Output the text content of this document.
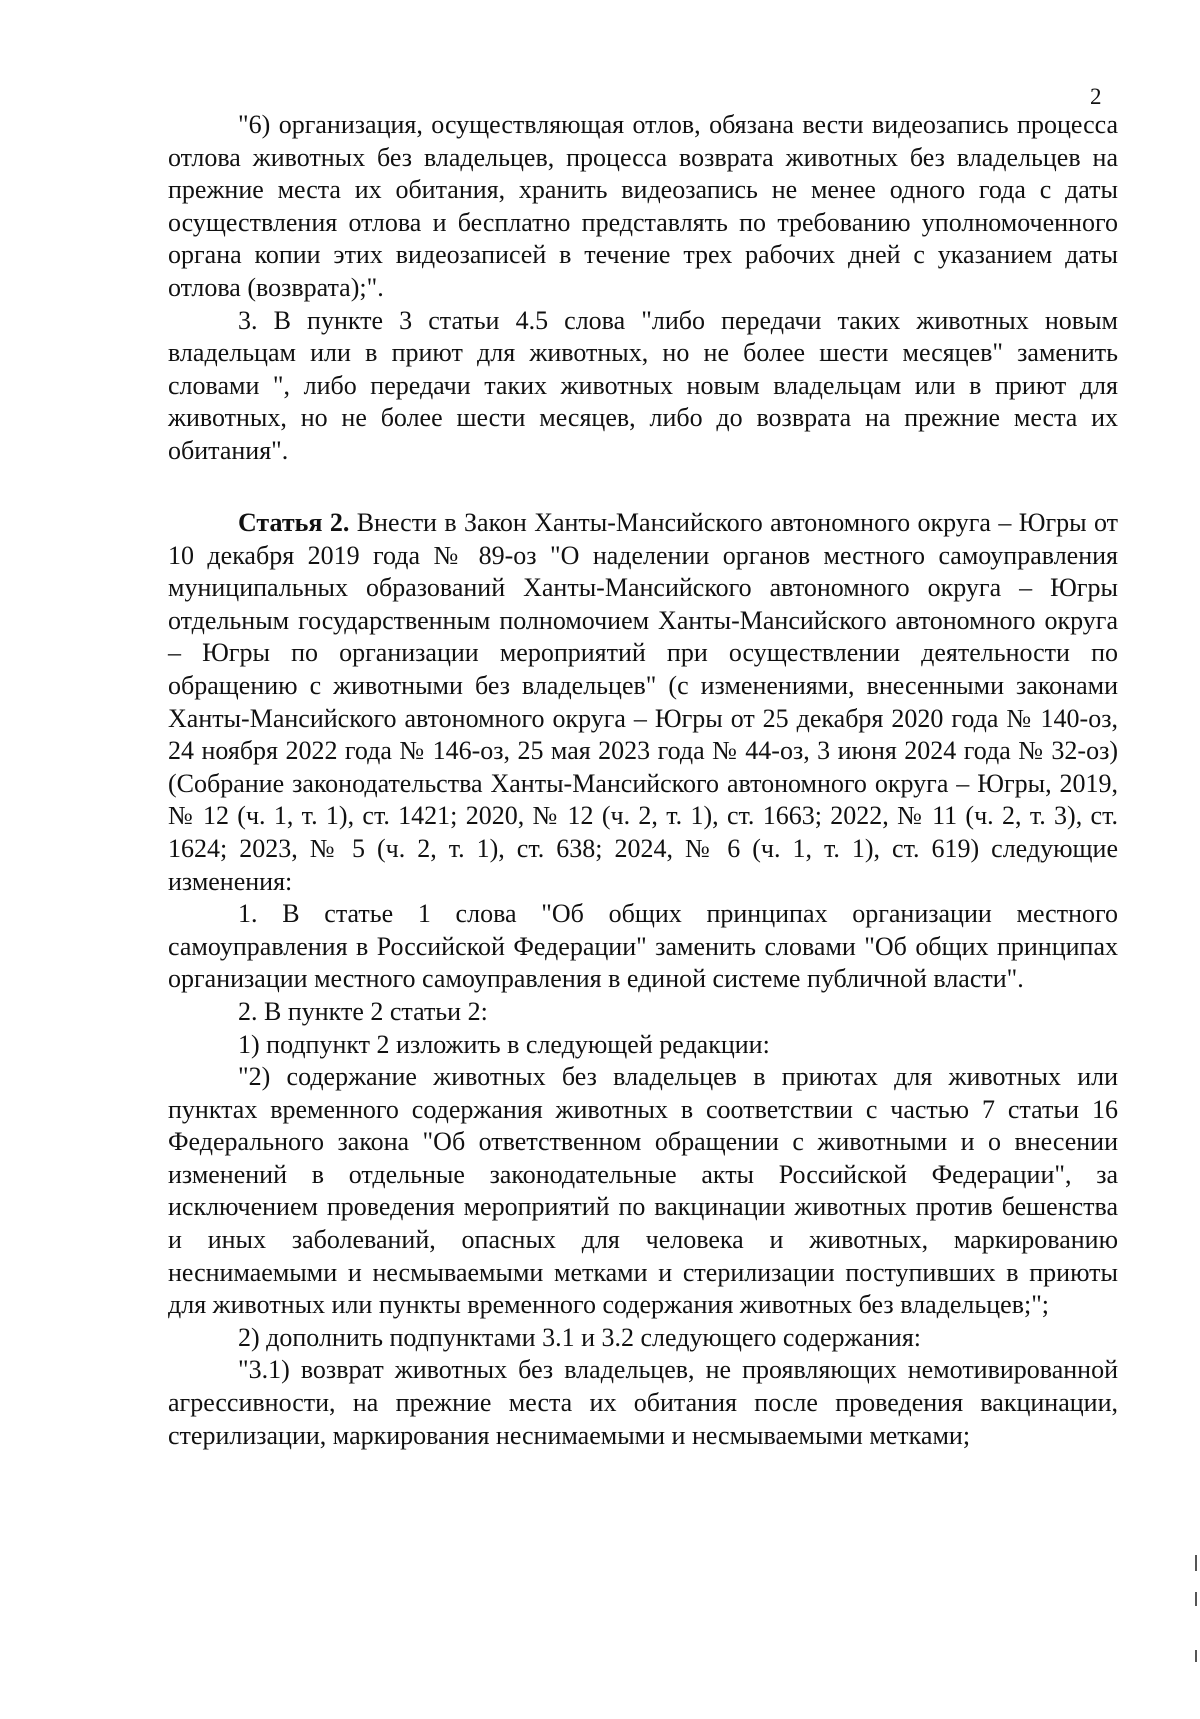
2

"6) организация, осуществляющая отлов, обязана вести видеозапись процесса отлова животных без владельцев, процесса возврата животных без владельцев на прежние места их обитания, хранить видеозапись не менее одного года с даты осуществления отлова и бесплатно представлять по требованию уполномоченного органа копии этих видеозаписей в течение трех рабочих дней с указанием даты отлова (возврата);".

3. В пункте 3 статьи 4.5 слова "либо передачи таких животных новым владельцам или в приют для животных, но не более шести месяцев" заменить словами ", либо передачи таких животных новым владельцам или в приют для животных, но не более шести месяцев, либо до возврата на прежние места их обитания".

Статья 2. Внести в Закон Ханты-Мансийского автономного округа – Югры от 10 декабря 2019 года № 89-оз "О наделении органов местного самоуправления муниципальных образований Ханты-Мансийского автономного округа – Югры отдельным государственным полномочием Ханты-Мансийского автономного округа – Югры по организации мероприятий при осуществлении деятельности по обращению с животными без владельцев" (с изменениями, внесенными законами Ханты-Мансийского автономного округа – Югры от 25 декабря 2020 года № 140-оз, 24 ноября 2022 года № 146-оз, 25 мая 2023 года № 44-оз, 3 июня 2024 года № 32-оз) (Собрание законодательства Ханты-Мансийского автономного округа – Югры, 2019, № 12 (ч. 1, т. 1), ст. 1421; 2020, № 12 (ч. 2, т. 1), ст. 1663; 2022, № 11 (ч. 2, т. 3), ст. 1624; 2023, № 5 (ч. 2, т. 1), ст. 638; 2024, № 6 (ч. 1, т. 1), ст. 619) следующие изменения:

1. В статье 1 слова "Об общих принципах организации местного самоуправления в Российской Федерации" заменить словами "Об общих принципах организации местного самоуправления в единой системе публичной власти".

2. В пункте 2 статьи 2:

1) подпункт 2 изложить в следующей редакции:

"2) содержание животных без владельцев в приютах для животных или пунктах временного содержания животных в соответствии с частью 7 статьи 16 Федерального закона "Об ответственном обращении с животными и о внесении изменений в отдельные законодательные акты Российской Федерации", за исключением проведения мероприятий по вакцинации животных против бешенства и иных заболеваний, опасных для человека и животных, маркированию неснимаемыми и несмываемыми метками и стерилизации поступивших в приюты для животных или пункты временного содержания животных без владельцев;";

2) дополнить подпунктами 3.1 и 3.2 следующего содержания:

"3.1) возврат животных без владельцев, не проявляющих немотивированной агрессивности, на прежние места их обитания после проведения вакцинации, стерилизации, маркирования неснимаемыми и несмываемыми метками;
